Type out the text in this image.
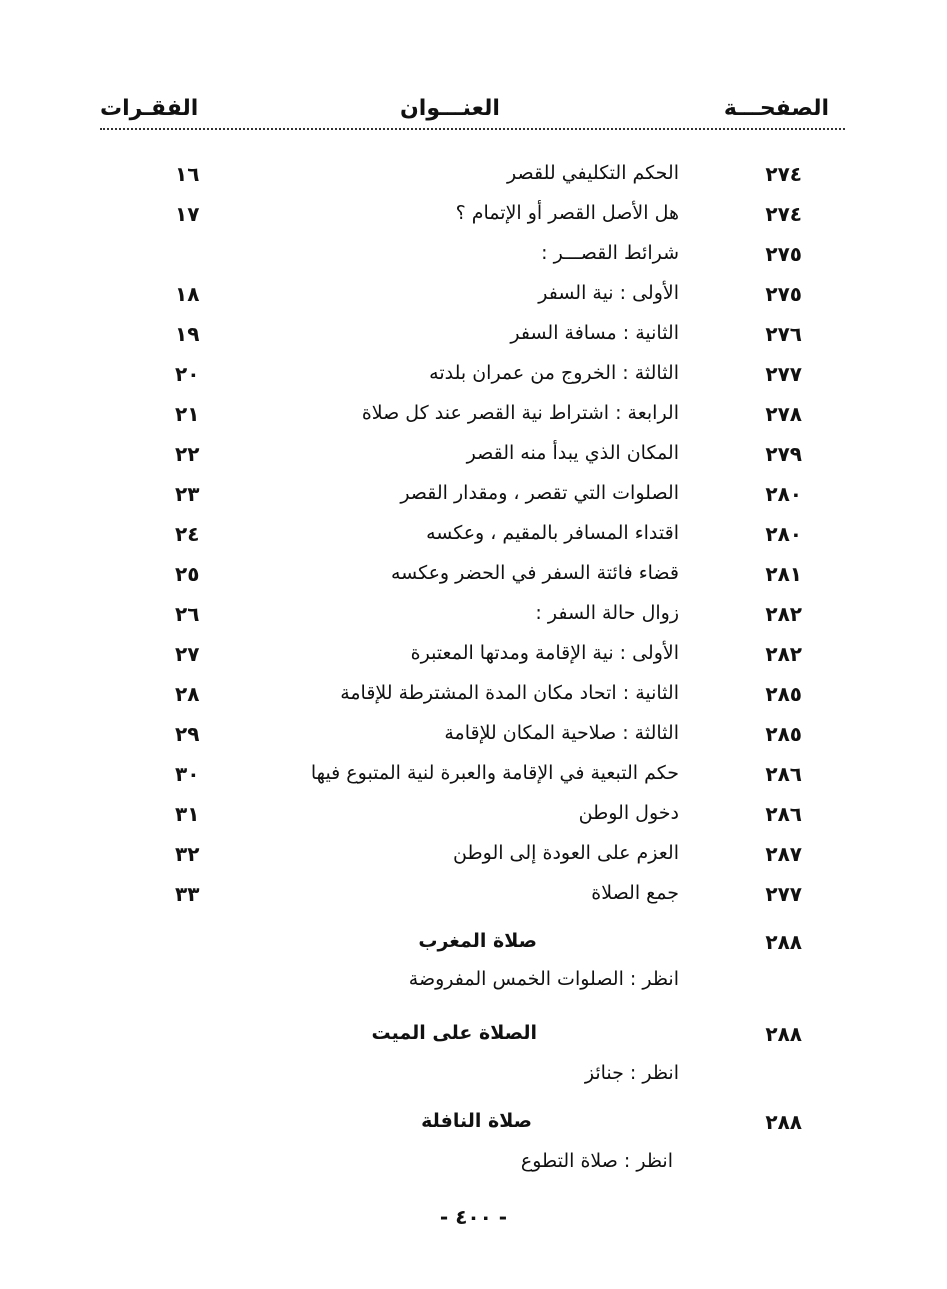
الصفحـــة
العنـــوان
الفقـرات
٢٧٤
الحكم التكليفي للقصر
١٦
٢٧٤
هل الأصل القصر أو الإتمام ؟
١٧
٢٧٥
شرائط القصـــر :
٢٧٥
الأولى : نية السفر
١٨
٢٧٦
الثانية : مسافة السفر
١٩
٢٧٧
الثالثة : الخروج من عمران بلدته
٢٠
٢٧٨
الرابعة : اشتراط نية القصر عند كل صلاة
٢١
٢٧٩
المكان الذي يبدأ منه القصر
٢٢
٢٨٠
الصلوات التي تقصر ، ومقدار القصر
٢٣
٢٨٠
اقتداء المسافر بالمقيم ، وعكسه
٢٤
٢٨١
قضاء فائتة السفر في الحضر وعكسه
٢٥
٢٨٢
زوال حالة السفر :
٢٦
٢٨٢
الأولى : نية الإقامة ومدتها المعتبرة
٢٧
٢٨٥
الثانية : اتحاد مكان المدة المشترطة للإقامة
٢٨
٢٨٥
الثالثة : صلاحية المكان للإقامة
٢٩
٢٨٦
حكم التبعية في الإقامة والعبرة لنية المتبوع فيها
٣٠
٢٨٦
دخول الوطن
٣١
٢٨٧
العزم على العودة إلى الوطن
٣٢
٢٧٧
جمع الصلاة
٣٣
٢٨٨
صلاة المغرب
انظر : الصلوات الخمس المفروضة
٢٨٨
الصلاة على الميت
انظر : جنائز
٢٨٨
صلاة النافلة
انظر : صلاة التطوع
- ٤٠٠ -
